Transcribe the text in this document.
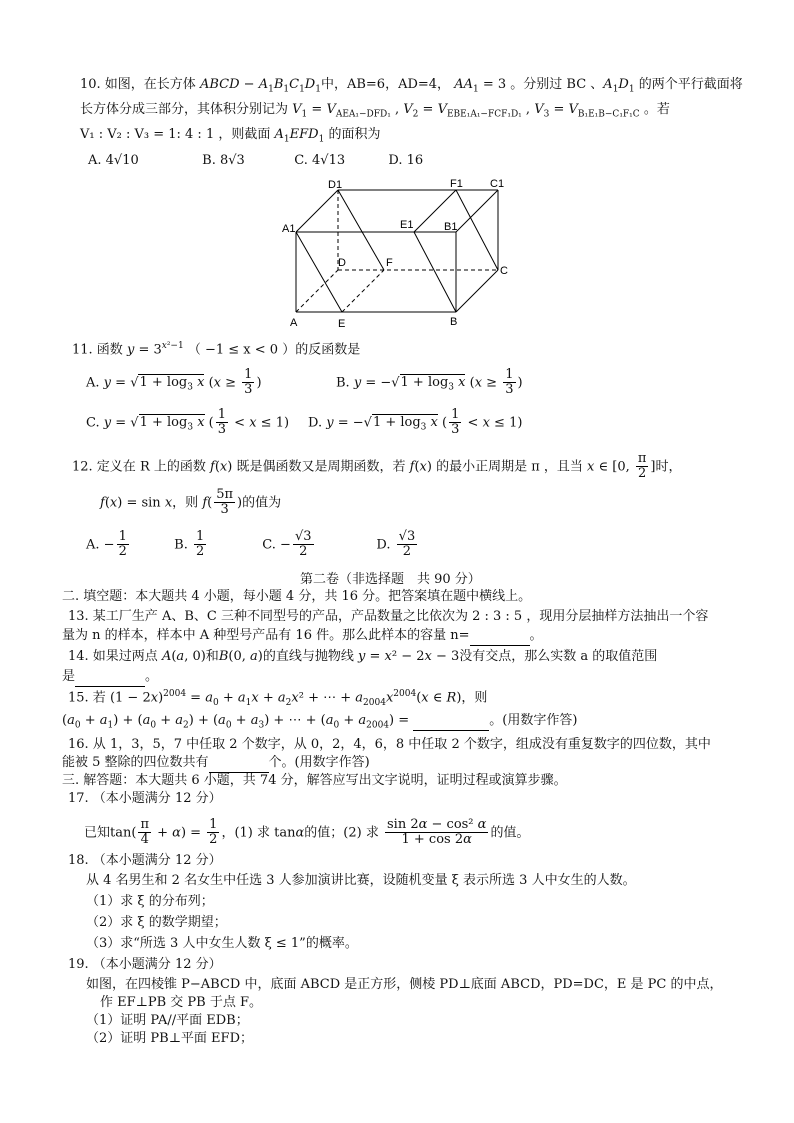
10. 如图，在长方体 ABCD − $A_1B_1C_1D_1$中，AB=6，AD=4， $AA_1 = 3$ 。分别过 BC 、$A_1D_1$ 的两个平行截面将
长方体分成三部分，其体积分别记为 $V_1 = V_{AEA_1-DFD_1}$ , $V_2 = V_{EBE_1A_1-FCF_1D_1}$ , $V_3 = V_{B_1E_1B-C_1F_1C}$ 。若
V₁ : V₂ : V₃ = 1: 4 : 1 ，则截面 $A_1EFD_1$ 的面积为
A. 4√10	B. 8√3	C. 4√13	D. 16
D1	F1 C1
A1	E1	B1
D	F
C
A	E	B
11. 函数 $y = 3^{x^2-1}$ （ −1 ≤ x < 0 ）的反函数是
A. $y = √1 + \log_3 x$ ($x \ge \frac{1}{3}$ )	B. $y = -√1 + \log_3 x$ ($x \ge \frac{1}{3}$ )
C. $y = √1 + \log_3 x$ ( $\frac{1}{3} < x \le 1$) D. $y = -√1 + \log_3 x$ ( $\frac{1}{3} < x \le 1$)
12. 定义在 R 上的函数 f(x) 既是偶函数又是周期函数，若 f(x) 的最小正周期是 π ，且当 x ∈ [0, $\frac{\pi}{2}$ ]时，
f(x) = sin x，则 $f( \frac{5\pi}{3}$ )的值为
A. − $\frac{1}{2}$	B. $\frac{1}{2}$	C. − $\frac{√3}{2}$	D. $\frac{√3}{2}$
第二卷（非选择题　共 90 分）
二. 填空题：本大题共 4 小题，每小题 4 分，共 16 分。把答案填在题中横线上。
13. 某工厂生产 A、B、C 三种不同型号的产品，产品数量之比依次为 2 : 3 : 5 ，现用分层抽样方法抽出一个容
量为 n 的样本，样本中 A 种型号产品有 16 件。那么此样本的容量 n=	。
14. 如果过两点 A(a, 0)和B(0, a)的直线与抛物线 y = x² − 2x − 3没有交点，那么实数 a 的取值范围
是	。
15. 若 $(1 - 2x)^{2004} = a_0 + a_1x + a_2x^2$ + ⋯ + $a_{2004}x^{2004}(x$ ∈ R)，则
$(a_0 + a_1) + (a_0 + a_2) + (a_0 + a_3)$ + ⋯ + $(a_0 + a_{2004})$ =	。(用数字作答)
16. 从 1，3，5，7 中任取 2 个数字，从 0，2，4，6，8 中任取 2 个数字，组成没有重复数字的四位数，其中
能被 5 整除的四位数共有	个。(用数字作答)
三. 解答题：本大题共 6 小题，共 74 分，解答应写出文字说明，证明过程或演算步骤。
17. （本小题满分 12 分）
已知$\tan( \frac{\pi}{4} + \alpha) = \frac{1}{2}$ ，(1) 求 tanα的值；(2) 求 $\frac{\text{sin 2α − cos² α}}{1 + \cos 2\alpha}$ 的值。
18. （本小题满分 12 分）
从 4 名男生和 2 名女生中任选 3 人参加演讲比赛，设随机变量 ξ 表示所选 3 人中女生的人数。
（1）求 ξ 的分布列；
（2）求 ξ 的数学期望；
（3）求“所选 3 人中女生人数 ξ ≤ 1”的概率。
19. （本小题满分 12 分）
如图，在四棱锥 P−ABCD 中，底面 ABCD 是正方形，侧棱 PD⊥底面 ABCD，PD=DC，E 是 PC 的中点，
作 EF⊥PB 交 PB 于点 F。
（1）证明 PA//平面 EDB；
（2）证明 PB⊥平面 EFD；
